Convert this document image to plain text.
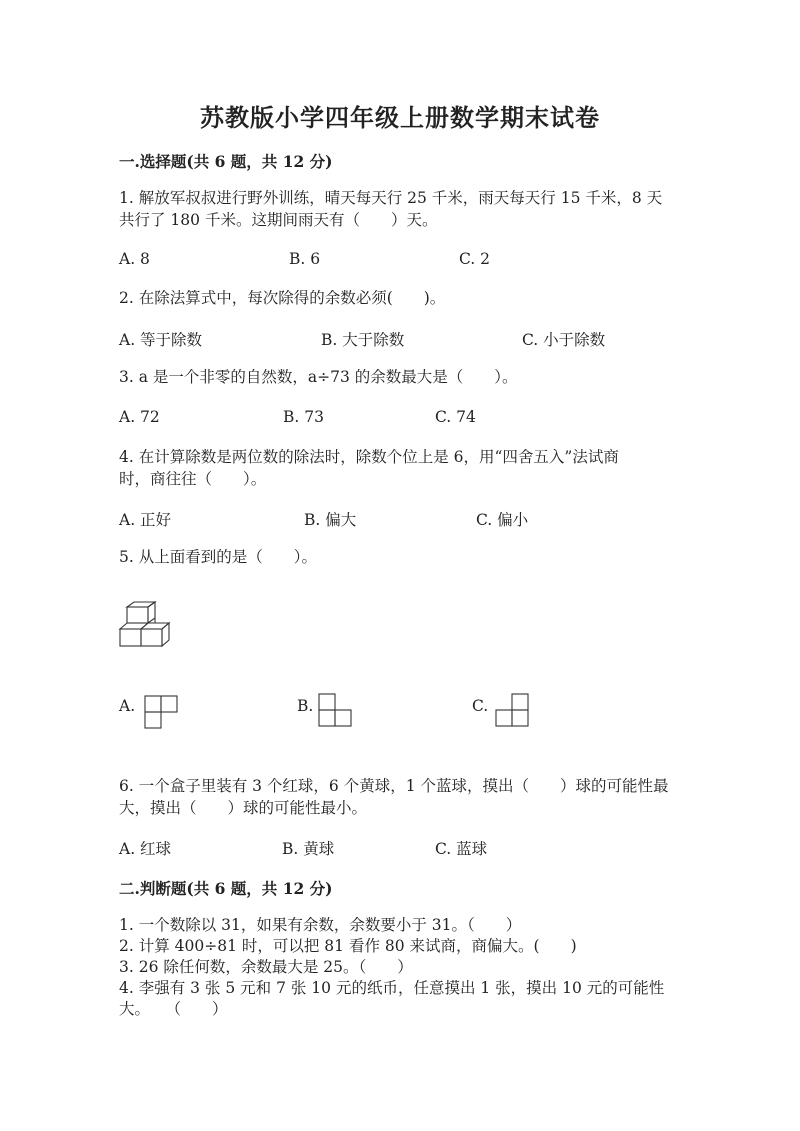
苏教版小学四年级上册数学期末试卷
一.选择题(共 6 题，共 12 分)
1. 解放军叔叔进行野外训练，晴天每天行 25 千米，雨天每天行 15 千米，8 天
共行了 180 千米。这期间雨天有（　　）天。
A. 8	B. 6	C. 2
2. 在除法算式中，每次除得的余数必须(　　)。
A. 等于除数	B. 大于除数	C. 小于除数
3. a 是一个非零的自然数，a÷73 的余数最大是（　　）。
A. 72	B. 73	C. 74
4. 在计算除数是两位数的除法时，除数个位上是 6，用“四舍五入”法试商
时，商往往（　　）。
A. 正好	B. 偏大	C. 偏小
5. 从上面看到的是（　　）。
A.	B.	C.
6. 一个盒子里装有 3 个红球，6 个黄球，1 个蓝球，摸出（　　）球的可能性最
大，摸出（　　）球的可能性最小。
A. 红球	B. 黄球	C. 蓝球
二.判断题(共 6 题，共 12 分)
1. 一个数除以 31，如果有余数，余数要小于 31。（　　）
2. 计算 400÷81 时，可以把 81 看作 80 来试商，商偏大。(　　)
3. 26 除任何数，余数最大是 25。（　　）
4. 李强有 3 张 5 元和 7 张 10 元的纸币，任意摸出 1 张，摸出 10 元的可能性
大。　　（　　）
